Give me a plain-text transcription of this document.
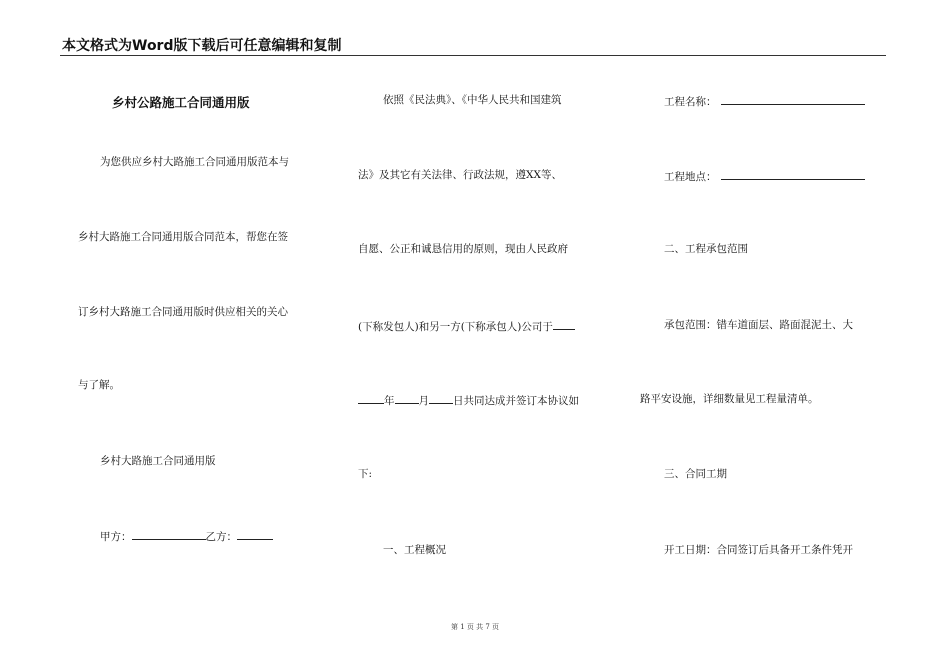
本文格式为Word版下载后可任意编辑和复制
乡村公路施工合同通用版
为您供应乡村大路施工合同通用版范本与
乡村大路施工合同通用版合同范本，帮您在签
订乡村大路施工合同通用版时供应相关的关心
与了解。
乡村大路施工合同通用版
甲方：	乙方：
依照《民法典》、《中华人民共和国建筑
法》及其它有关法律、行政法规，遵XX等、
自愿、公正和诚恳信用的原则，现由人民政府
(下称发包人)和另一方(下称承包人)公司于
年 月 日共同达成并签订本协议如
下:
一、工程概况
工程名称：
工程地点：
二、工程承包范围
承包范围：错车道面层、路面混泥土、大
路平安设施，详细数量见工程量清单。
三、合同工期
开工日期：合同签订后具备开工条件凭开
第 1 页 共 7 页
